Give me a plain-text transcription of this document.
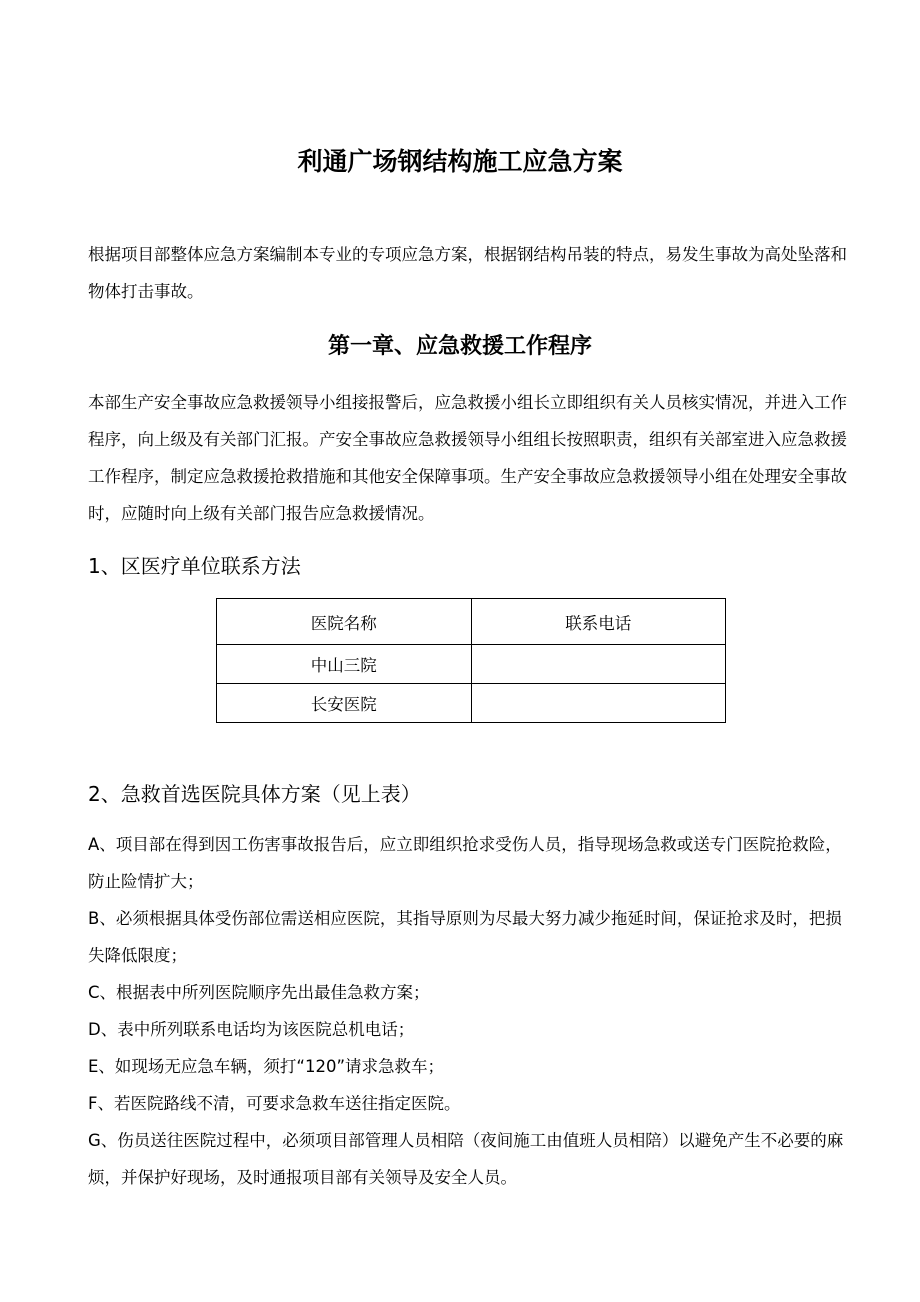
利通广场钢结构施工应急方案

根据项目部整体应急方案编制本专业的专项应急方案，根据钢结构吊装的特点，易发生事故为高处坠落和物体打击事故。

第一章、应急救援工作程序

本部生产安全事故应急救援领导小组接报警后，应急救援小组长立即组织有关人员核实情况，并进入工作程序，向上级及有关部门汇报。产安全事故应急救援领导小组组长按照职责，组织有关部室进入应急救援工作程序，制定应急救援抢救措施和其他安全保障事项。生产安全事故应急救援领导小组在处理安全事故时，应随时向上级有关部门报告应急救援情况。

1、区医疗单位联系方法
医院名称	联系电话
中山三院	
长安医院	
2、急救首选医院具体方案（见上表）

A、项目部在得到因工伤害事故报告后，应立即组织抢求受伤人员，指导现场急救或送专门医院抢救险，防止险情扩大；

B、必须根据具体受伤部位需送相应医院，其指导原则为尽最大努力减少拖延时间，保证抢求及时，把损失降低限度；

C、根据表中所列医院顺序先出最佳急救方案；

D、表中所列联系电话均为该医院总机电话；

E、如现场无应急车辆，须打“120”请求急救车；

F、若医院路线不清，可要求急救车送往指定医院。

G、伤员送往医院过程中，必须项目部管理人员相陪（夜间施工由值班人员相陪）以避免产生不必要的麻烦，并保护好现场，及时通报项目部有关领导及安全人员。
